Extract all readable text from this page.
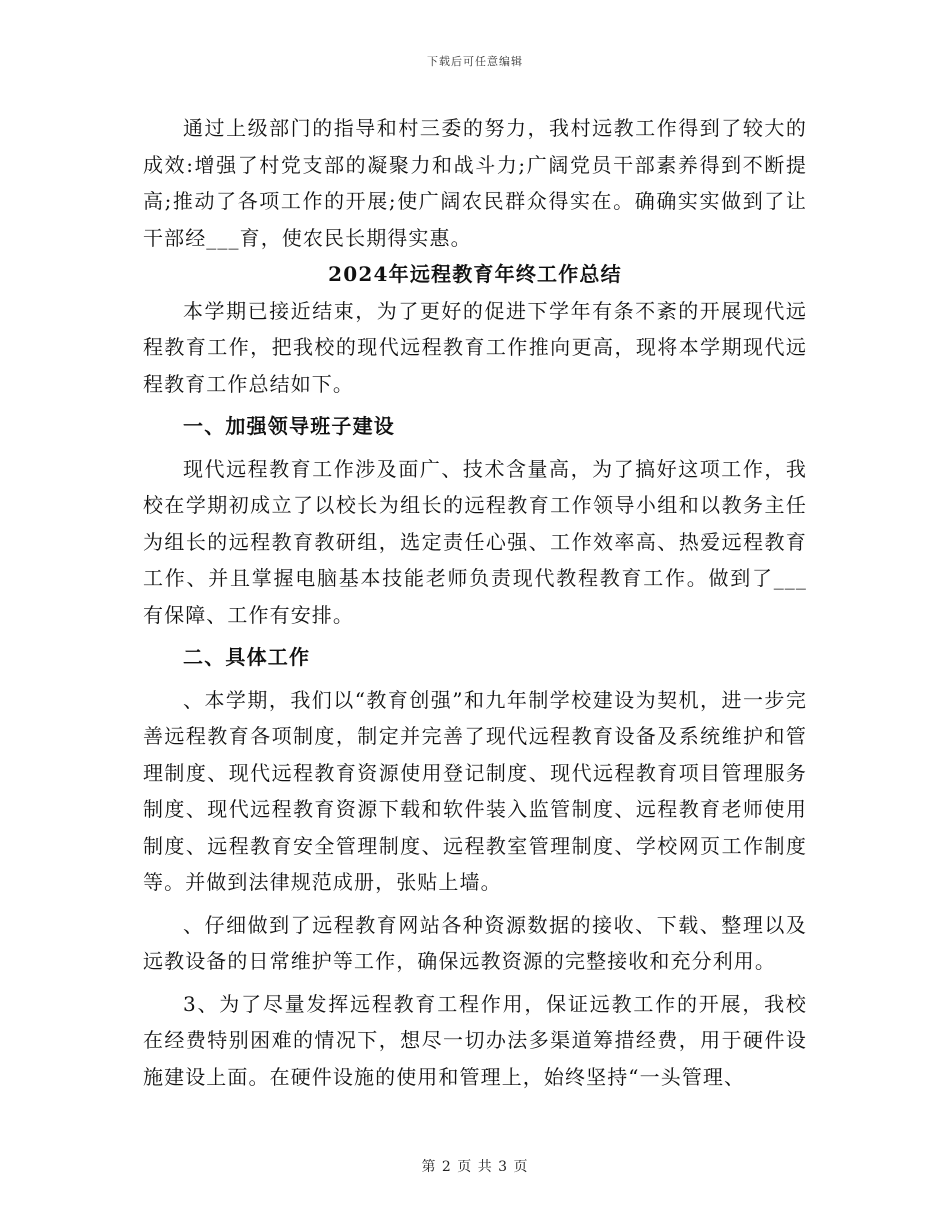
下载后可任意编辑

通过上级部门的指导和村三委的努力，我村远教工作得到了较大的成效:增强了村党支部的凝聚力和战斗力;广阔党员干部素养得到不断提高;推动了各项工作的开展;使广阔农民群众得实在。确确实实做到了让干部经___育，使农民长期得实惠。

2024年远程教育年终工作总结

本学期已接近结束，为了更好的促进下学年有条不紊的开展现代远程教育工作，把我校的现代远程教育工作推向更高，现将本学期现代远程教育工作总结如下。

一、加强领导班子建设

现代远程教育工作涉及面广、技术含量高，为了搞好这项工作，我校在学期初成立了以校长为组长的远程教育工作领导小组和以教务主任为组长的远程教育教研组，选定责任心强、工作效率高、热爱远程教育工作、并且掌握电脑基本技能老师负责现代教程教育工作。做到了___有保障、工作有安排。

二、具体工作

、本学期，我们以“教育创强”和九年制学校建设为契机，进一步完善远程教育各项制度，制定并完善了现代远程教育设备及系统维护和管理制度、现代远程教育资源使用登记制度、现代远程教育项目管理服务制度、现代远程教育资源下载和软件装入监管制度、远程教育老师使用制度、远程教育安全管理制度、远程教室管理制度、学校网页工作制度等。并做到法律规范成册，张贴上墙。

、仔细做到了远程教育网站各种资源数据的接收、下载、整理以及远教设备的日常维护等工作，确保远教资源的完整接收和充分利用。

3、为了尽量发挥远程教育工程作用，保证远教工作的开展，我校在经费特别困难的情况下，想尽一切办法多渠道筹措经费，用于硬件设施建设上面。在硬件设施的使用和管理上，始终坚持“一头管理、

第 2 页 共 3 页
